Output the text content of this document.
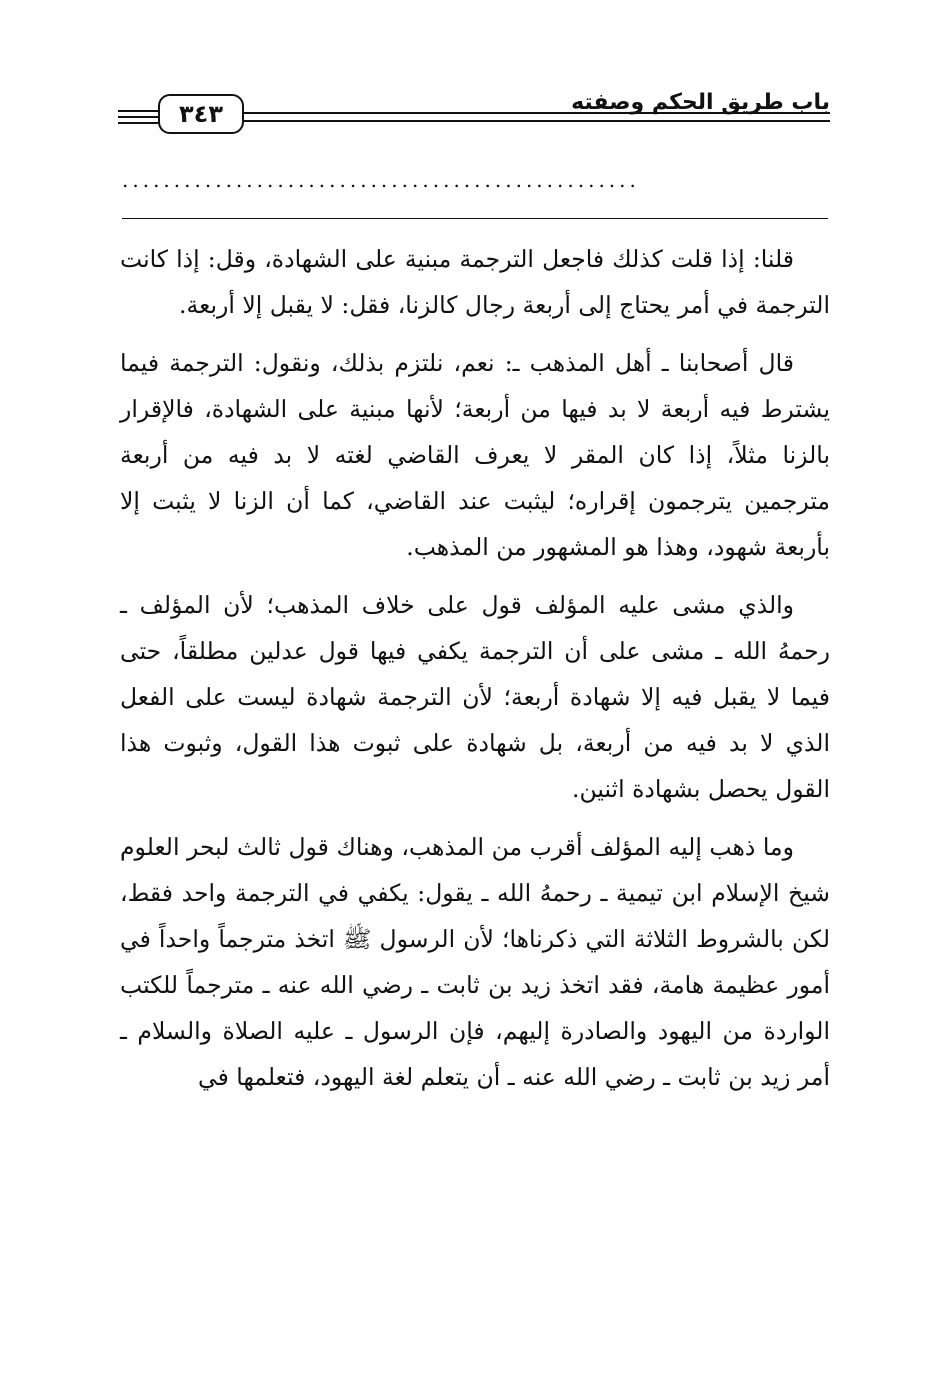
٣٤٣	باب طريق الحكم وصفته
..................................................

قلنا: إذا قلت كذلك فاجعل الترجمة مبنية على الشهادة، وقل: إذا كانت الترجمة في أمر يحتاج إلى أربعة رجال كالزنا، فقل: لا يقبل إلا أربعة.

قال أصحابنا ـ أهل المذهب ـ: نعم، نلتزم بذلك، ونقول: الترجمة فيما يشترط فيه أربعة لا بد فيها من أربعة؛ لأنها مبنية على الشهادة، فالإقرار بالزنا مثلاً، إذا كان المقر لا يعرف القاضي لغته لا بد فيه من أربعة مترجمين يترجمون إقراره؛ ليثبت عند القاضي، كما أن الزنا لا يثبت إلا بأربعة شهود، وهذا هو المشهور من المذهب.

والذي مشى عليه المؤلف قول على خلاف المذهب؛ لأن المؤلف ـ رحمهُ الله ـ مشى على أن الترجمة يكفي فيها قول عدلين مطلقاً، حتى فيما لا يقبل فيه إلا شهادة أربعة؛ لأن الترجمة شهادة ليست على الفعل الذي لا بد فيه من أربعة، بل شهادة على ثبوت هذا القول، وثبوت هذا القول يحصل بشهادة اثنين.

وما ذهب إليه المؤلف أقرب من المذهب، وهناك قول ثالث لبحر العلوم شيخ الإسلام ابن تيمية ـ رحمهُ الله ـ يقول: يكفي في الترجمة واحد فقط، لكن بالشروط الثلاثة التي ذكرناها؛ لأن الرسول ﷺ اتخذ مترجماً واحداً في أمور عظيمة هامة، فقد اتخذ زيد بن ثابت ـ رضي الله عنه ـ مترجماً للكتب الواردة من اليهود والصادرة إليهم، فإن الرسول ـ عليه الصلاة والسلام ـ أمر زيد بن ثابت ـ رضي الله عنه ـ أن يتعلم لغة اليهود، فتعلمها في
